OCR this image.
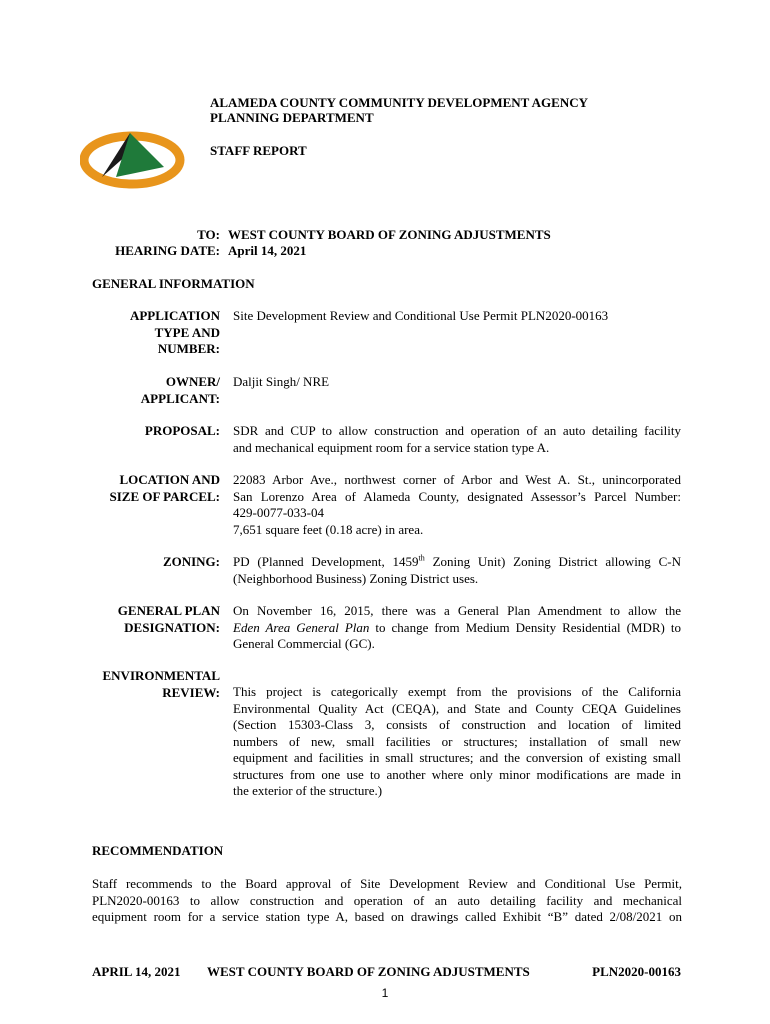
ALAMEDA COUNTY COMMUNITY DEVELOPMENT AGENCY
PLANNING DEPARTMENT
STAFF REPORT
TO: WEST COUNTY BOARD OF ZONING ADJUSTMENTS
HEARING DATE: April 14, 2021
GENERAL INFORMATION
APPLICATION
TYPE AND
NUMBER:
Site Development Review and Conditional Use Permit PLN2020-00163
OWNER/
APPLICANT:
Daljit Singh/ NRE
PROPOSAL: SDR and CUP to allow construction and operation of an auto detailing facility
and mechanical equipment room for a service station type A.
LOCATION AND
SIZE OF PARCEL:
22083 Arbor Ave., northwest corner of Arbor and West A. St., unincorporated
San Lorenzo Area of Alameda County, designated Assessor’s Parcel Number:
429-0077-033-04
7,651 square feet (0.18 acre) in area.
ZONING: PD (Planned Development, 1459th Zoning Unit) Zoning District allowing C-N
(Neighborhood Business) Zoning District uses.
GENERAL PLAN
DESIGNATION:
On November 16, 2015, there was a General Plan Amendment to allow the
Eden Area General Plan to change from Medium Density Residential (MDR) to
General Commercial (GC).
ENVIRONMENTAL
REVIEW: This project is categorically exempt from the provisions of the California
Environmental Quality Act (CEQA), and State and County CEQA Guidelines
(Section 15303-Class 3, consists of construction and location of limited
numbers of new, small facilities or structures; installation of small new
equipment and facilities in small structures; and the conversion of existing small
structures from one use to another where only minor modifications are made in
the exterior of the structure.)
RECOMMENDATION
Staff recommends to the Board approval of Site Development Review and Conditional Use Permit,
PLN2020-00163 to allow construction and operation of an auto detailing facility and mechanical
equipment room for a service station type A, based on drawings called Exhibit “B” dated 2/08/2021 on
APRIL 14, 2021 WEST COUNTY BOARD OF ZONING ADJUSTMENTS	PLN2020-00163
1
